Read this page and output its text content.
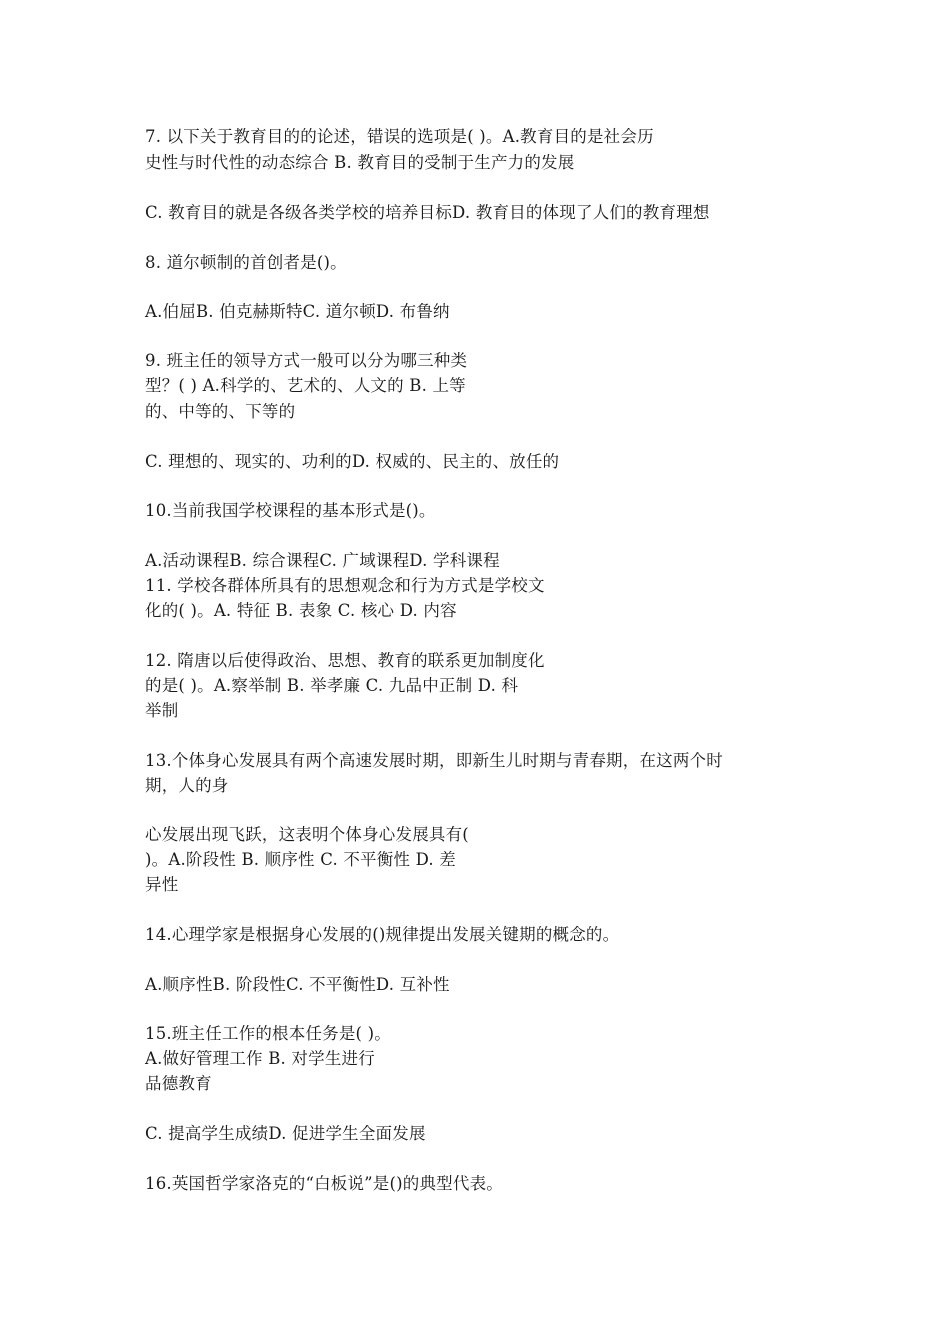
7. 以下关于教育目的的论述，错误的选项是( )。A.教育目的是社会历
史性与时代性的动态综合 B. 教育目的受制于生产力的发展
C. 教育目的就是各级各类学校的培养目标D. 教育目的体现了人们的教育理想
8. 道尔顿制的首创者是()。
A.伯屈B. 伯克赫斯特C. 道尔顿D. 布鲁纳
9. 班主任的领导方式一般可以分为哪三种类
型？( ) A.科学的、艺术的、人文的 B. 上等
的、中等的、下等的
C. 理想的、现实的、功利的D. 权威的、民主的、放任的
10.当前我国学校课程的基本形式是()。
A.活动课程B. 综合课程C. 广域课程D. 学科课程
11. 学校各群体所具有的思想观念和行为方式是学校文
化的( )。A. 特征 B. 表象 C. 核心 D. 内容
12. 隋唐以后使得政治、思想、教育的联系更加制度化
的是( )。A.察举制 B. 举孝廉 C. 九品中正制 D. 科
举制
13.个体身心发展具有两个高速发展时期，即新生儿时期与青春期，在这两个时
期，人的身
心发展出现飞跃，这表明个体身心发展具有(
)。A.阶段性 B. 顺序性 C. 不平衡性 D. 差
异性
14.心理学家是根据身心发展的()规律提出发展关键期的概念的。
A.顺序性B. 阶段性C. 不平衡性D. 互补性
15.班主任工作的根本任务是( )。
A.做好管理工作 B. 对学生进行
品德教育
C. 提高学生成绩D. 促进学生全面发展
16.英国哲学家洛克的“白板说”是()的典型代表。
